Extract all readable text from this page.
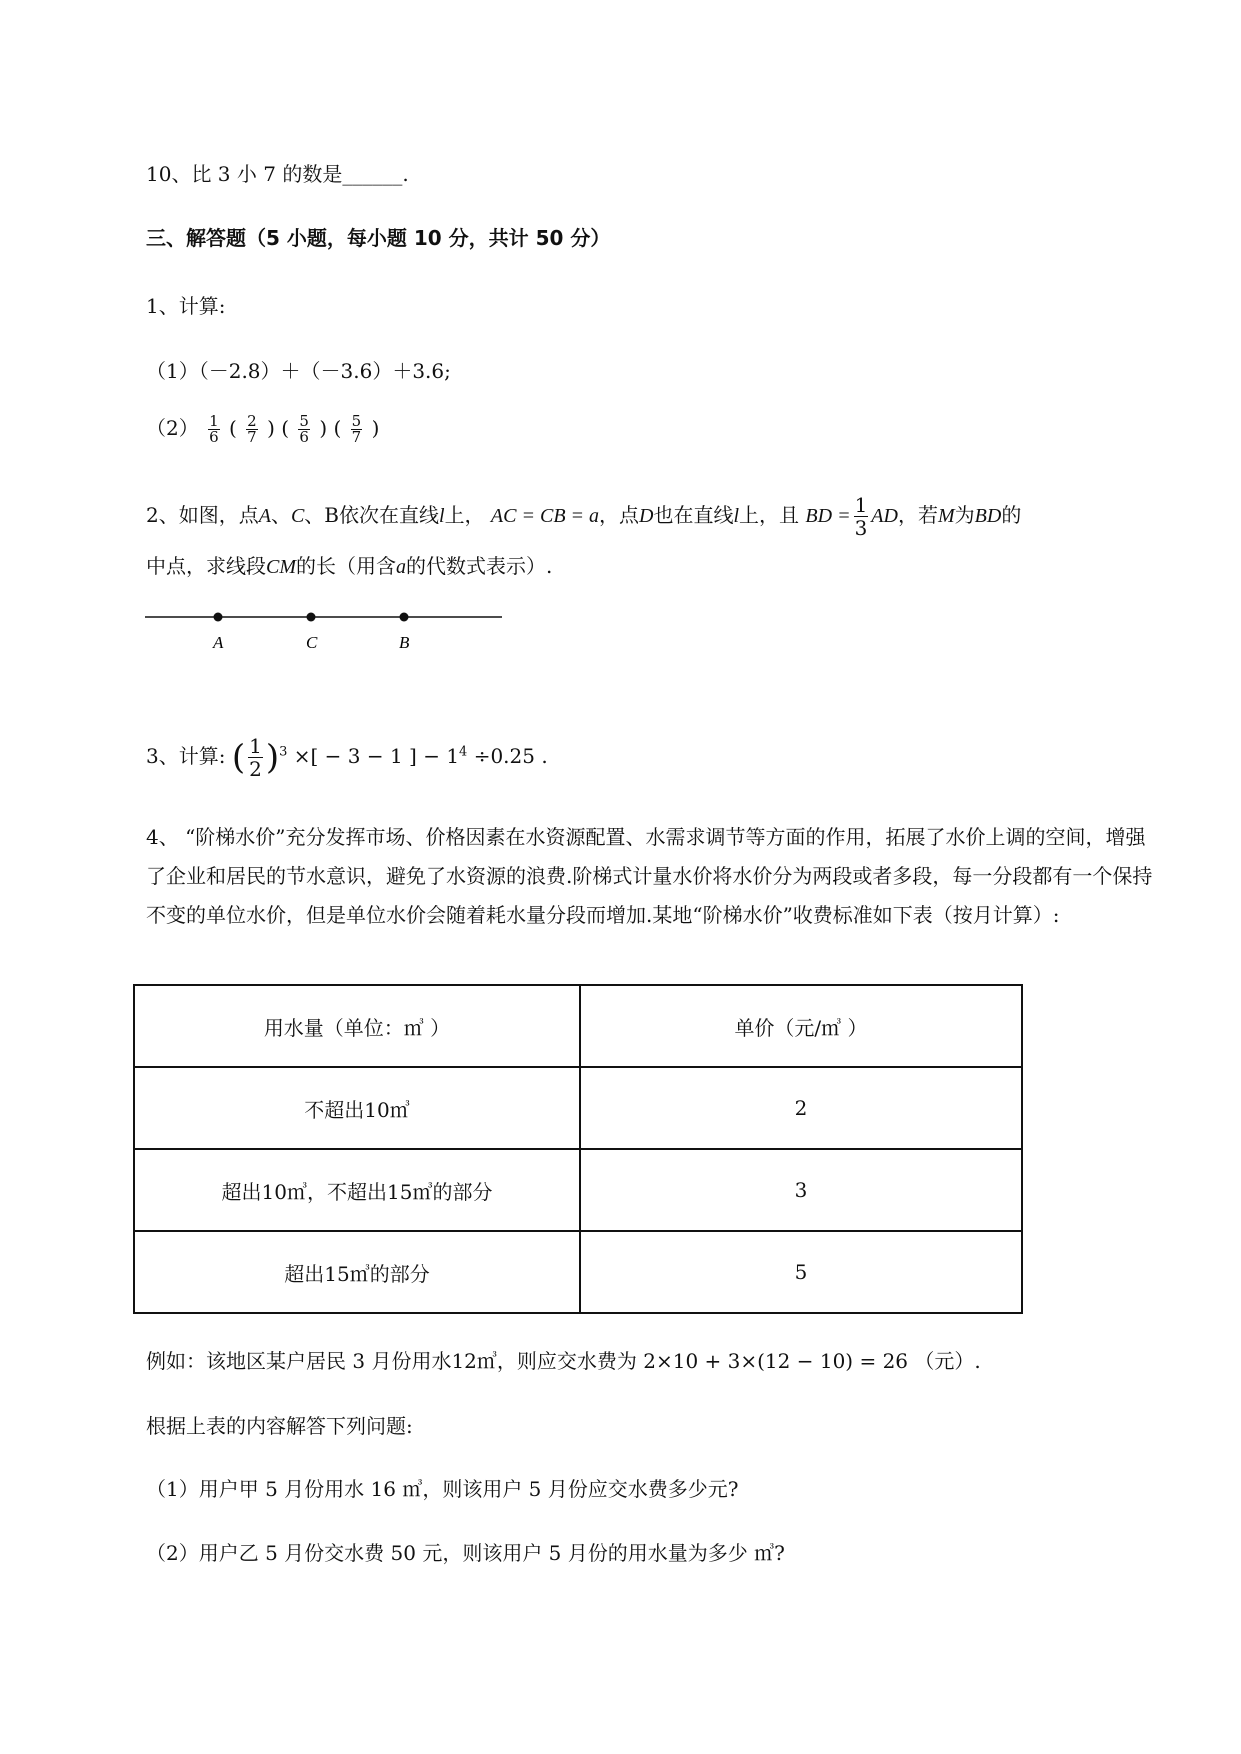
10、比 3 小 7 的数是______.
三、解答题（5 小题，每小题 10 分，共计 50 分）
1、计算:
（1）（－2.8）＋（－3.6）＋3.6;
$(2) \frac{1}{6}$ ( $\frac{2}{7}$ ) ( $\frac{5}{6}$ ) ( $\frac{5}{7}$ )
2、如图，点A、C、B依次在直线l上， AC = CB = a，点D也在直线l上，且 BD = $\frac{1}{3}$ AD，若M为BD的
中点，求线段CM的长（用含a的代数式表示）.
A	C	B
3、计算: ( $\frac{1}{2} )^3$ ×[ − 3 − 1 ] − $1^4 \div 0.25$ .
4、 “阶梯水价”充分发挥市场、价格因素在水资源配置、水需求调节等方面的作用，拓展了水价上调的空间，增强了企业和居民的节水意识，避免了水资源的浪费.阶梯式计量水价将水价分为两段或者多段，每一分段都有一个保持不变的单位水价，但是单位水价会随着耗水量分段而增加.某地“阶梯水价”收费标准如下表（按月计算）:
用水量（单位：㎥ ）	单价（元/㎥ ）
不超出10㎥	2
超出10㎥，不超出15㎥的部分	3
超出15㎥的部分	5
例如：该地区某户居民 3 月份用水12㎥，则应交水费为 2×10 + 3×(12 − 10) = 26 （元）.
根据上表的内容解答下列问题:
（1）用户甲 5 月份用水 16 ㎥，则该用户 5 月份应交水费多少元?
（2）用户乙 5 月份交水费 50 元，则该用户 5 月份的用水量为多少 ㎥?
